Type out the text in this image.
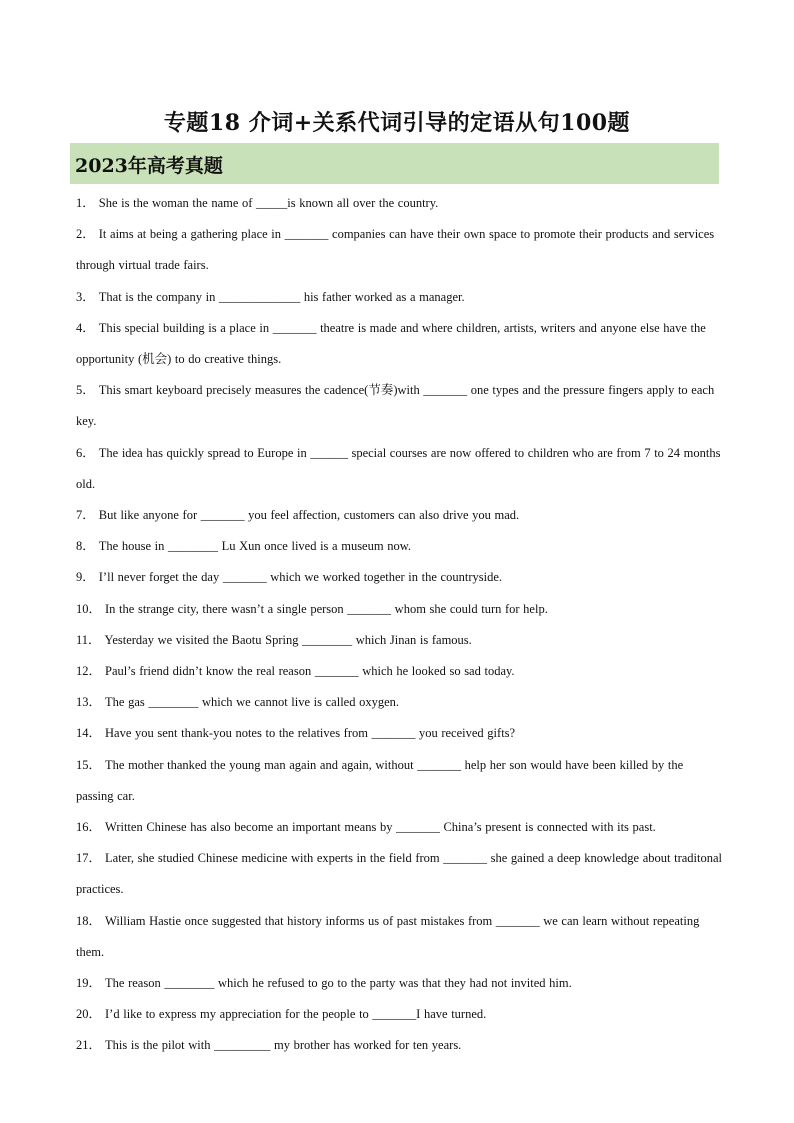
专题18 介词+关系代词引导的定语从句100题
2023年高考真题
1． She is the woman the name of _____is known all over the country.
2． It aims at being a gathering place in _______ companies can have their own space to promote their products and services through virtual trade fairs.
3． That is the company in _____________ his father worked as a manager.
4． This special building is a place in _______ theatre is made and where children, artists, writers and anyone else have the opportunity (机会) to do creative things.
5． This smart keyboard precisely measures the cadence(节奏)with _______ one types and the pressure fingers apply to each key.
6． The idea has quickly spread to Europe in ______ special courses are now offered to children who are from 7 to 24 months old.
7． But like anyone for _______ you feel affection, customers can also drive you mad.
8． The house in ________ Lu Xun once lived is a museum now.
9． I’ll never forget the day _______ which we worked together in the countryside.
10． In the strange city, there wasn’t a single person _______ whom she could turn for help.
11． Yesterday we visited the Baotu Spring ________ which Jinan is famous.
12． Paul’s friend didn’t know the real reason _______ which he looked so sad today.
13． The gas ________ which we cannot live is called oxygen.
14． Have you sent thank-you notes to the relatives from _______ you received gifts?
15． The mother thanked the young man again and again, without _______ help her son would have been killed by the passing car.
16． Written Chinese has also become an important means by _______ China’s present is connected with its past.
17． Later, she studied Chinese medicine with experts in the field from _______ she gained a deep knowledge about traditonal practices.
18． William Hastie once suggested that history informs us of past mistakes from _______ we can learn without repeating them.
19． The reason ________ which he refused to go to the party was that they had not invited him.
20． I’d like to express my appreciation for the people to _______I have turned.
21． This is the pilot with _________ my brother has worked for ten years.
